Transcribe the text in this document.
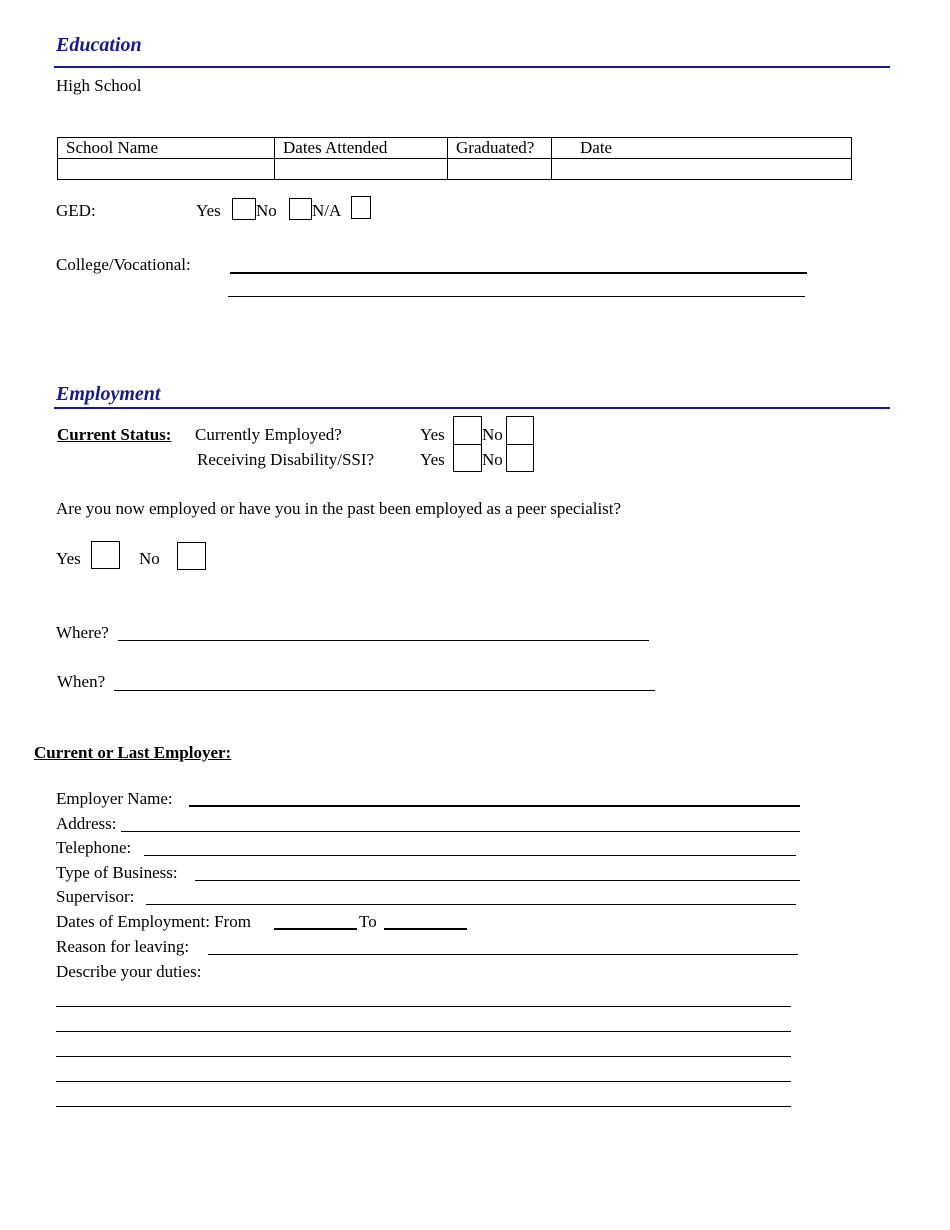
Education
High School
School Name	Dates Attended	Graduated?	Date

GED:	Yes No N/A
College/Vocational:
Employment
Current Status: Currently Employed?	Yes No
Receiving Disability/SSI?	Yes No
Are you now employed or have you in the past been employed as a peer specialist?
Yes	No
Where?
When?
Current or Last Employer:
Employer Name:
Address:
Telephone:
Type of Business:
Supervisor:
Dates of Employment: From	To
Reason for leaving:
Describe your duties:
